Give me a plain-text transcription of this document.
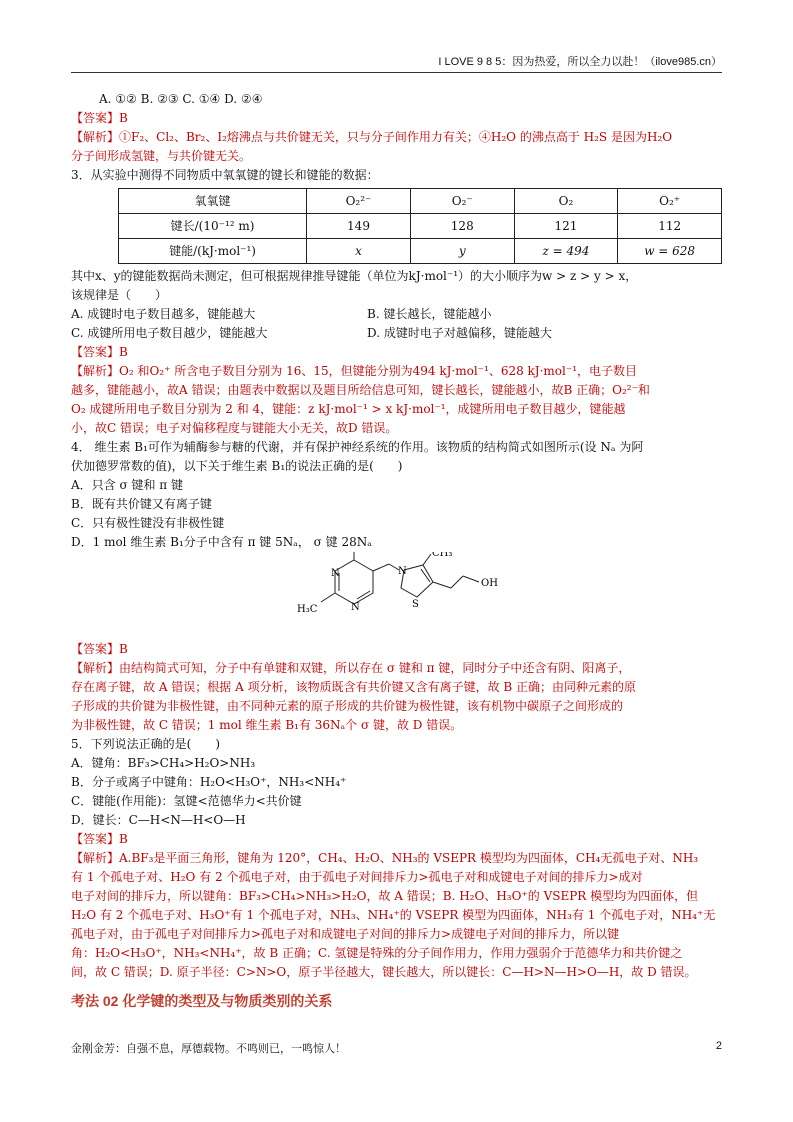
I LOVE 9 8 5：因为热爱，所以全力以赴！（ilove985.cn）
A. ①② B. ②③ C. ①④ D. ②④
【答案】B
【解析】①F₂、Cl₂、Br₂、I₂熔沸点与共价键无关，只与分子间作用力有关；④H₂O 的沸点高于 H₂S 是因为H₂O
分子间形成氢键，与共价键无关。
3．从实验中测得不同物质中氧氧键的键长和键能的数据：
氧氧键	O₂²⁻	O₂⁻	O₂	O₂⁺
键长/(10⁻¹² m)	149	128	121	112
键能/(kJ·mol⁻¹)	x	y	z = 494	w = 628
其中x、y的键能数据尚未测定，但可根据规律推导键能（单位为kJ·mol⁻¹）的大小顺序为w > z > y > x，
该规律是（　　）
A. 成键时电子数目越多，键能越大	B. 键长越长，键能越小
C. 成键所用电子数目越少，键能越大	D. 成键时电子对越偏移，键能越大
【答案】B
【解析】O₂ 和O₂⁺ 所含电子数目分别为 16、15，但键能分别为494 kJ·mol⁻¹、628 kJ·mol⁻¹，电子数目
越多，键能越小，故A 错误；由题表中数据以及题目所给信息可知，键长越长，键能越小，故B 正确；O₂²⁻和
O₂ 成键所用电子数目分别为 2 和 4，键能：z kJ·mol⁻¹ > x kJ·mol⁻¹，成键所用电子数目越少，键能越
小，故C 错误；电子对偏移程度与键能大小无关，故D 错误。
4． 维生素 B₁可作为辅酶参与糖的代谢，并有保护神经系统的作用。该物质的结构简式如图所示(设 Nₐ 为阿
伏加德罗常数的值)，以下关于维生素 B₁的说法正确的是(　　)
A．只含 σ 键和 π 键
B．既有共价键又有离子键
C．只有极性键没有非极性键
D．1 mol 维生素 B₁分子中含有 π 键 5Nₐ， σ 键 28Nₐ
N
N
H₃C
N
CH₃
S
OH
【答案】B
【解析】由结构简式可知，分子中有单键和双键，所以存在 σ 键和 π 键，同时分子中还含有阴、阳离子，
存在离子键，故 A 错误；根据 A 项分析，该物质既含有共价键又含有离子键，故 B 正确；由同种元素的原
子形成的共价键为非极性键，由不同种元素的原子形成的共价键为极性键，该有机物中碳原子之间形成的
为非极性键，故 C 错误；1 mol 维生素 B₁有 36Nₐ个 σ 键，故 D 错误。
5．下列说法正确的是(　　)
A．键角：BF₃>CH₄>H₂O>NH₃
B．分子或离子中键角：H₂O<H₃O⁺，NH₃<NH₄⁺
C．键能(作用能)：氢键<范德华力<共价键
D．键长：C—H<N—H<O—H
【答案】B
【解析】A.BF₃是平面三角形，键角为 120°，CH₄、H₂O、NH₃的 VSEPR 模型均为四面体，CH₄无孤电子对、NH₃
有 1 个孤电子对、H₂O 有 2 个孤电子对，由于孤电子对间排斥力>孤电子对和成键电子对间的排斥力>成对
电子对间的排斥力，所以键角：BF₃>CH₄>NH₃>H₂O，故 A 错误；B. H₂O、H₃O⁺的 VSEPR 模型均为四面体，但
H₂O 有 2 个孤电子对、H₃O⁺有 1 个孤电子对，NH₃、NH₄⁺的 VSEPR 模型为四面体，NH₃有 1 个孤电子对，NH₄⁺无
孤电子对，由于孤电子对间排斥力>孤电子对和成键电子对间的排斥力>成键电子对间的排斥力，所以键
角：H₂O<H₃O⁺，NH₃<NH₄⁺，故 B 正确；C. 氢键是特殊的分子间作用力，作用力强弱介于范德华力和共价键之
间，故 C 错误；D. 原子半径：C>N>O，原子半径越大，键长越大，所以键长：C—H>N—H>O—H，故 D 错误。
考法 02 化学键的类型及与物质类别的关系
金刚金芳：自强不息，厚德载物。不鸣则已，一鸣惊人！	2
